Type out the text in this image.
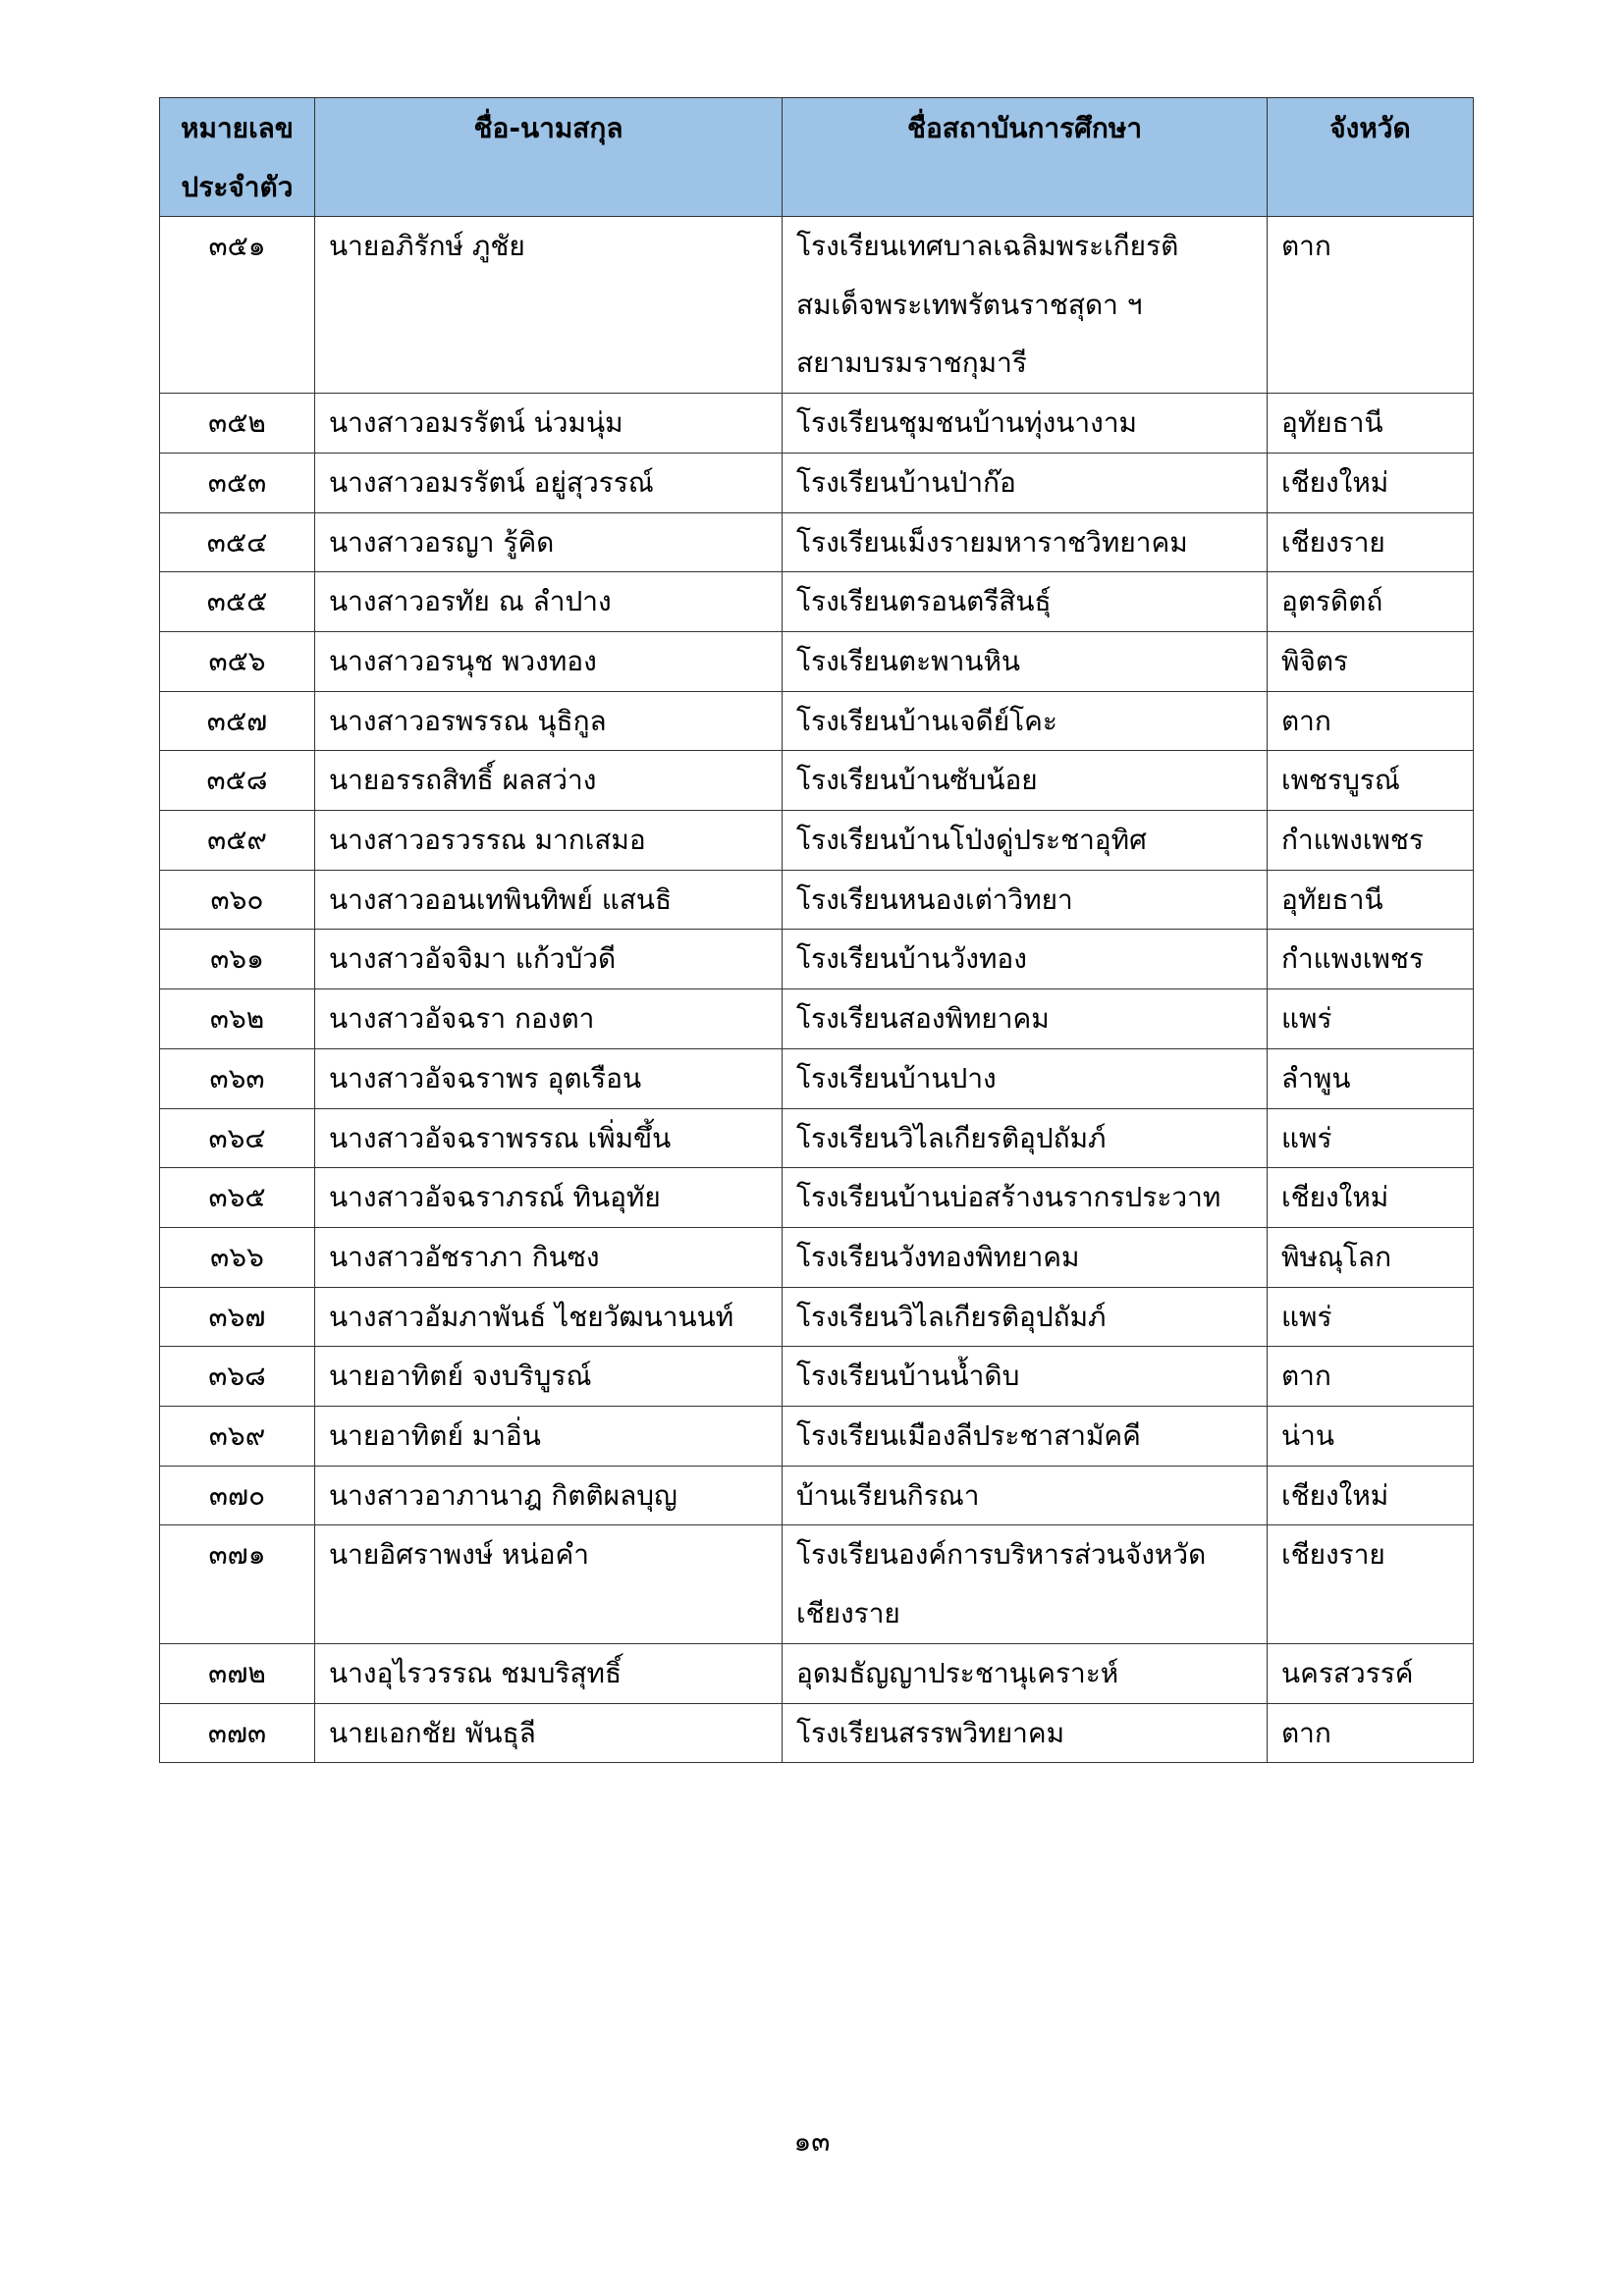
หมายเลข
ประจำตัว	ชื่อ-นามสกุล	ชื่อสถาบันการศึกษา	จังหวัด

๓๕๑	นายอภิรักษ์ ภูชัย	โรงเรียนเทศบาลเฉลิมพระเกียรติ
สมเด็จพระเทพรัตนราชสุดา ฯ
สยามบรมราชกุมารี	ตาก

๓๕๒	นางสาวอมรรัตน์ น่วมนุ่ม	โรงเรียนชุมชนบ้านทุ่งนางาม	อุทัยธานี

๓๕๓	นางสาวอมรรัตน์ อยู่สุวรรณ์	โรงเรียนบ้านป่าก๊อ	เชียงใหม่

๓๕๔	นางสาวอรญา รู้คิด	โรงเรียนเม็งรายมหาราชวิทยาคม	เชียงราย

๓๕๕	นางสาวอรทัย ณ ลำปาง	โรงเรียนตรอนตรีสินธุ์	อุตรดิตถ์

๓๕๖	นางสาวอรนุช พวงทอง	โรงเรียนตะพานหิน	พิจิตร

๓๕๗	นางสาวอรพรรณ นุธิกูล	โรงเรียนบ้านเจดีย์โคะ	ตาก

๓๕๘	นายอรรถสิทธิ์ ผลสว่าง	โรงเรียนบ้านซับน้อย	เพชรบูรณ์

๓๕๙	นางสาวอรวรรณ มากเสมอ	โรงเรียนบ้านโป่งดู่ประชาอุทิศ	กำแพงเพชร

๓๖๐	นางสาวออนเทพินทิพย์ แสนธิ	โรงเรียนหนองเต่าวิทยา	อุทัยธานี

๓๖๑	นางสาวอัจจิมา แก้วบัวดี	โรงเรียนบ้านวังทอง	กำแพงเพชร

๓๖๒	นางสาวอัจฉรา กองตา	โรงเรียนสองพิทยาคม	แพร่

๓๖๓	นางสาวอัจฉราพร อุตเรือน	โรงเรียนบ้านปาง	ลำพูน

๓๖๔	นางสาวอัจฉราพรรณ เพิ่มขึ้น	โรงเรียนวิไลเกียรติอุปถัมภ์	แพร่

๓๖๕	นางสาวอัจฉราภรณ์ ทินอุทัย	โรงเรียนบ้านบ่อสร้างนรากรประวาท	เชียงใหม่

๓๖๖	นางสาวอัชราภา กินซง	โรงเรียนวังทองพิทยาคม	พิษณุโลก

๓๖๗	นางสาวอัมภาพันธ์ ไชยวัฒนานนท์	โรงเรียนวิไลเกียรติอุปถัมภ์	แพร่

๓๖๘	นายอาทิตย์ จงบริบูรณ์	โรงเรียนบ้านน้ำดิบ	ตาก

๓๖๙	นายอาทิตย์ มาอิ่น	โรงเรียนเมืองลีประชาสามัคคี	น่าน

๓๗๐	นางสาวอาภานาฎ กิตติผลบุญ	บ้านเรียนกิรณา	เชียงใหม่

๓๗๑	นายอิศราพงษ์ หน่อคำ	โรงเรียนองค์การบริหารส่วนจังหวัด
เชียงราย	เชียงราย

๓๗๒	นางอุไรวรรณ ชมบริสุทธิ์	อุดมธัญญาประชานุเคราะห์	นครสวรรค์

๓๗๓	นายเอกชัย พันธุลี	โรงเรียนสรรพวิทยาคม	ตาก
๑๓
